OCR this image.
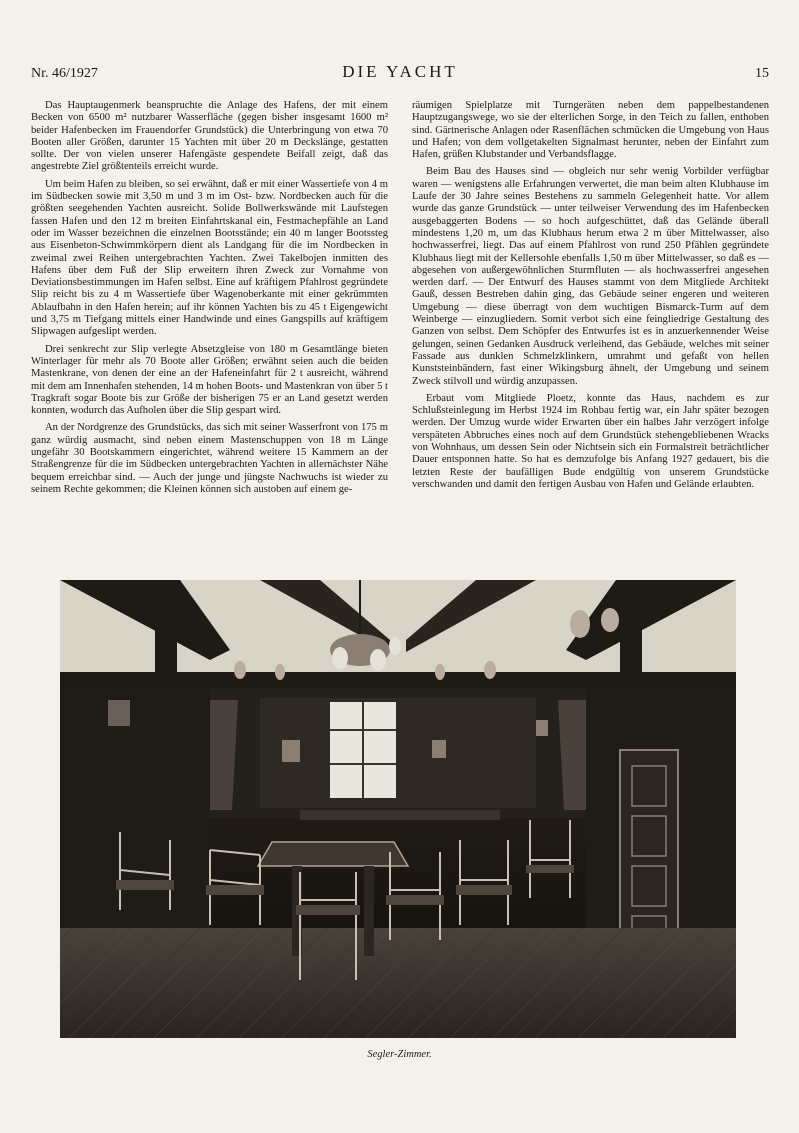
Nr. 46/1927	DIE YACHT	15

Das Hauptaugenmerk beanspruchte die Anlage des Hafens, der mit einem Becken von 6500 m² nutzbarer Wasserfläche (gegen bisher insgesamt 1600 m² beider Hafenbecken im Frauendorfer Grundstück) die Unterbringung von etwa 70 Booten aller Größen, darunter 15 Yachten mit über 20 m Deckslänge, gestatten sollte. Der von vielen unserer Hafengäste gespendete Beifall zeigt, daß das angestrebte Ziel größtenteils erreicht wurde.

Um beim Hafen zu bleiben, so sei erwähnt, daß er mit einer Wassertiefe von 4 m im Südbecken sowie mit 3,50 m und 3 m im Ost- bzw. Nordbecken auch für die größten seegehenden Yachten ausreicht. Solide Bollwerkswände mit Laufstegen fassen Hafen und den 12 m breiten Einfahrtskanal ein, Festmachepfähle an Land oder im Wasser bezeichnen die einzelnen Bootsstände; ein 40 m langer Bootssteg aus Eisenbeton-Schwimmkörpern dient als Landgang für die im Nordbecken in zweimal zwei Reihen untergebrachten Yachten. Zwei Takelbojen inmitten des Hafens über dem Fuß der Slip erweitern ihren Zweck zur Vornahme von Deviationsbestimmungen im Hafen selbst. Eine auf kräftigem Pfahlrost gegründete Slip reicht bis zu 4 m Wassertiefe über Wagenoberkante mit einer gekrümmten Ablaufbahn in den Hafen herein; auf ihr können Yachten bis zu 45 t Eigengewicht und 3,75 m Tiefgang mittels einer Handwinde und eines Gangspills auf kräftigem Slipwagen aufgeslipt werden.

Drei senkrecht zur Slip verlegte Absetzgleise von 180 m Gesamtlänge bieten Winterlager für mehr als 70 Boote aller Größen; erwähnt seien auch die beiden Mastenkrane, von denen der eine an der Hafeneinfahrt für 2 t ausreicht, während mit dem am Innenhafen stehenden, 14 m hohen Boots- und Mastenkran von über 5 t Tragkraft sogar Boote bis zur Größe der bisherigen 75 er an Land gesetzt werden konnten, wodurch das Aufholen über die Slip gespart wird.

An der Nordgrenze des Grundstücks, das sich mit seiner Wasserfront von 175 m ganz würdig ausmacht, sind neben einem Mastenschuppen von 18 m Länge ungefähr 30 Bootskammern eingerichtet, während weitere 15 Kammern an der Straßengrenze für die im Südbecken untergebrachten Yachten in allernächster Nähe bequem erreichbar sind. — Auch der junge und jüngste Nachwuchs ist wieder zu seinem Rechte gekommen; die Kleinen können sich austoben auf einem ge-

räumigen Spielplatze mit Turngeräten neben dem pappelbestandenen Hauptzugangswege, wo sie der elterlichen Sorge, in den Teich zu fallen, enthoben sind. Gärtnerische Anlagen oder Rasenflächen schmücken die Umgebung von Haus und Hafen; von dem vollgetakelten Signalmast herunter, neben der Einfahrt zum Hafen, grüßen Klubstander und Verbandsflagge.

Beim Bau des Hauses sind — obgleich nur sehr wenig Vorbilder verfügbar waren — wenigstens alle Erfahrungen verwertet, die man beim alten Klubhause im Laufe der 30 Jahre seines Bestehens zu sammeln Gelegenheit hatte. Vor allem wurde das ganze Grundstück — unter teilweiser Verwendung des im Hafenbecken ausgebaggerten Bodens — so hoch aufgeschüttet, daß das Gelände überall mindestens 1,20 m, um das Klubhaus herum etwa 2 m über Mittelwasser, also hochwasserfrei, liegt. Das auf einem Pfahlrost von rund 250 Pfählen gegründete Klubhaus liegt mit der Kellersohle ebenfalls 1,50 m über Mittelwasser, so daß es — abgesehen von außergewöhnlichen Sturmfluten — als hochwasserfrei angesehen werden darf. — Der Entwurf des Hauses stammt von dem Mitgliede Architekt Gauß, dessen Bestreben dahin ging, das Gebäude seiner engeren und weiteren Umgebung — diese überragt von dem wuchtigen Bismarck-Turm auf dem Weinberge — einzugliedern. Somit verbot sich eine feingliedrige Gestaltung des Ganzen von selbst. Dem Schöpfer des Entwurfes ist es in anzuerkennender Weise gelungen, seinen Gedanken Ausdruck verleihend, das Gebäude, welches mit seiner Fassade aus dunklen Schmelzklinkern, umrahmt und gefaßt von hellen Kunststeinbändern, fast einer Wikingsburg ähnelt, der Umgebung und seinem Zweck stilvoll und würdig anzupassen.

Erbaut vom Mitgliede Ploetz, konnte das Haus, nachdem es zur Schlußsteinlegung im Herbst 1924 im Rohbau fertig war, ein Jahr später bezogen werden. Der Umzug wurde wider Erwarten über ein halbes Jahr verzögert infolge verspäteten Abbruches eines noch auf dem Grundstück stehengebliebenen Wracks von Wohnhaus, um dessen Sein oder Nichtsein sich ein Formalstreit beträchtlicher Dauer entsponnen hatte. So hat es demzufolge bis Anfang 1927 gedauert, bis die letzten Reste der baufälligen Bude endgültig von unserem Grundstücke verschwanden und damit den fertigen Ausbau von Hafen und Gelände erlaubten.

Segler-Zimmer.
